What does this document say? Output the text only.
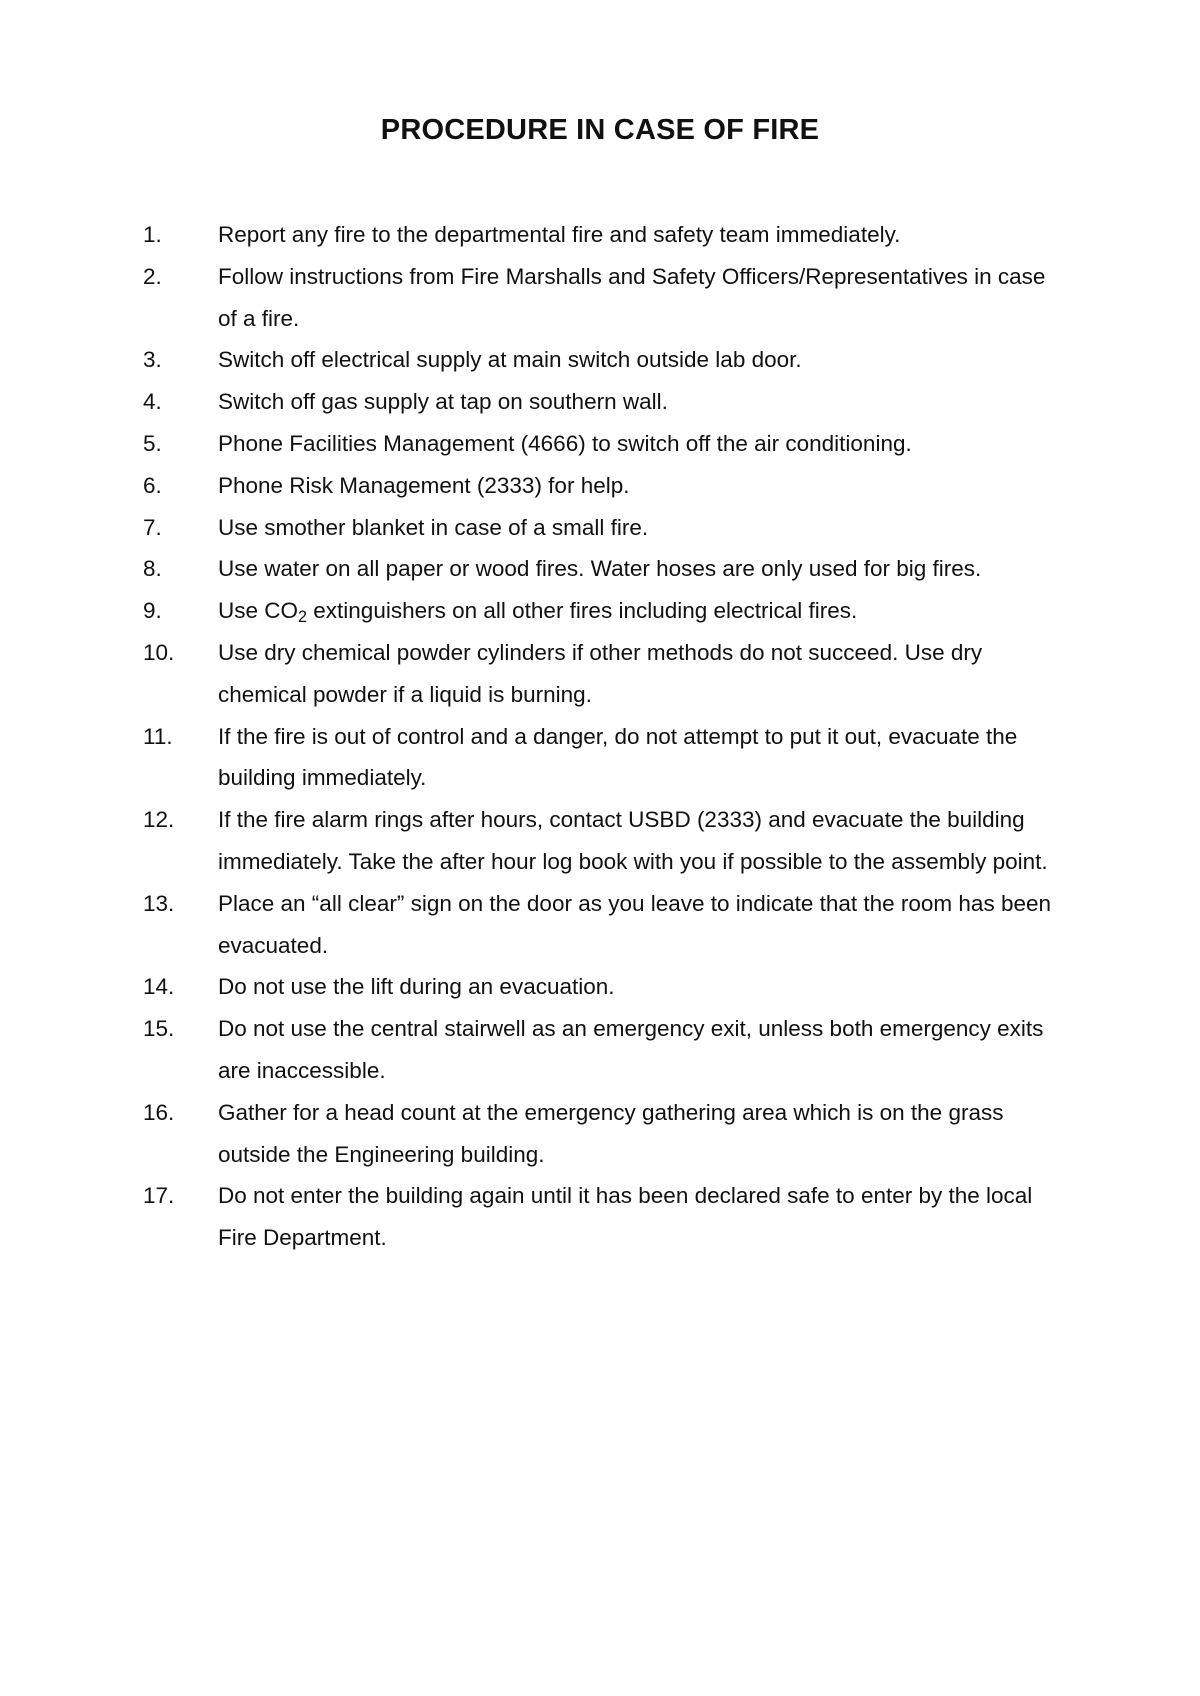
PROCEDURE IN CASE OF FIRE
1. Report any fire to the departmental fire and safety team immediately.
2. Follow instructions from Fire Marshalls and Safety Officers/Representatives in case of a fire.
3. Switch off electrical supply at main switch outside lab door.
4. Switch off gas supply at tap on southern wall.
5. Phone Facilities Management (4666) to switch off the air conditioning.
6. Phone Risk Management (2333) for help.
7. Use smother blanket in case of a small fire.
8. Use water on all paper or wood fires. Water hoses are only used for big fires.
9. Use $CO_2$ extinguishers on all other fires including electrical fires.
10. Use dry chemical powder cylinders if other methods do not succeed. Use dry chemical powder if a liquid is burning.
11. If the fire is out of control and a danger, do not attempt to put it out, evacuate the building immediately.
12. If the fire alarm rings after hours, contact USBD (2333) and evacuate the building immediately. Take the after hour log book with you if possible to the assembly point.
13. Place an “all clear” sign on the door as you leave to indicate that the room has been evacuated.
14. Do not use the lift during an evacuation.
15. Do not use the central stairwell as an emergency exit, unless both emergency exits are inaccessible.
16. Gather for a head count at the emergency gathering area which is on the grass outside the Engineering building.
17. Do not enter the building again until it has been declared safe to enter by the local Fire Department.
